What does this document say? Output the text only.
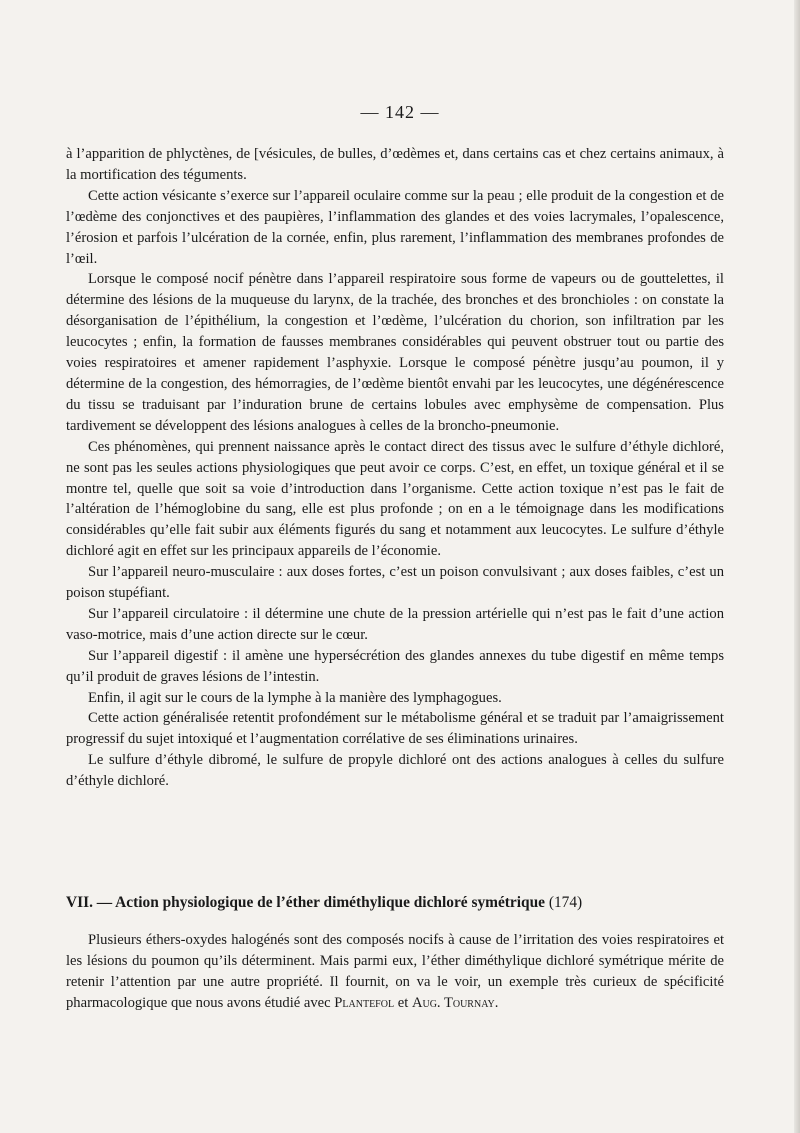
— 142 —

à l’apparition de phlyctènes, de [vésicules, de bulles, d’œdèmes et, dans certains cas et chez certains animaux, à la mortification des téguments.

Cette action vésicante s’exerce sur l’appareil oculaire comme sur la peau ; elle produit de la congestion et de l’œdème des conjonctives et des paupières, l’inflammation des glandes et des voies lacrymales, l’opalescence, l’érosion et parfois l’ulcération de la cornée, enfin, plus rarement, l’inflammation des membranes profondes de l’œil.

Lorsque le composé nocif pénètre dans l’appareil respiratoire sous forme de vapeurs ou de gouttelettes, il détermine des lésions de la muqueuse du larynx, de la trachée, des bronches et des bronchioles : on constate la désorganisation de l’épithélium, la congestion et l’œdème, l’ulcération du chorion, son infiltration par les leucocytes ; enfin, la formation de fausses membranes considérables qui peuvent obstruer tout ou partie des voies respiratoires et amener rapidement l’asphyxie. Lorsque le composé pénètre jusqu’au poumon, il y détermine de la congestion, des hémorragies, de l’œdème bientôt envahi par les leucocytes, une dégénérescence du tissu se traduisant par l’induration brune de certains lobules avec emphysème de compensation. Plus tardivement se développent des lésions analogues à celles de la broncho-pneumonie.

Ces phénomènes, qui prennent naissance après le contact direct des tissus avec le sulfure d’éthyle dichloré, ne sont pas les seules actions physiologiques que peut avoir ce corps. C’est, en effet, un toxique général et il se montre tel, quelle que soit sa voie d’introduction dans l’organisme. Cette action toxique n’est pas le fait de l’altération de l’hémoglobine du sang, elle est plus profonde ; on en a le témoignage dans les modifications considérables qu’elle fait subir aux éléments figurés du sang et notamment aux leucocytes. Le sulfure d’éthyle dichloré agit en effet sur les principaux appareils de l’économie.

Sur l’appareil neuro-musculaire : aux doses fortes, c’est un poison convulsivant ; aux doses faibles, c’est un poison stupéfiant.

Sur l’appareil circulatoire : il détermine une chute de la pression artérielle qui n’est pas le fait d’une action vaso-motrice, mais d’une action directe sur le cœur.

Sur l’appareil digestif : il amène une hypersécrétion des glandes annexes du tube digestif en même temps qu’il produit de graves lésions de l’intestin.

Enfin, il agit sur le cours de la lymphe à la manière des lymphagogues.

Cette action généralisée retentit profondément sur le métabolisme général et se traduit par l’amaigrissement progressif du sujet intoxiqué et l’augmentation corrélative de ses éliminations urinaires.

Le sulfure d’éthyle dibromé, le sulfure de propyle dichloré ont des actions analogues à celles du sulfure d’éthyle dichloré.

VII. — Action physiologique de l’éther diméthylique dichloré symétrique (174)

Plusieurs éthers-oxydes halogénés sont des composés nocifs à cause de l’irritation des voies respiratoires et les lésions du poumon qu’ils déterminent. Mais parmi eux, l’éther diméthylique dichloré symétrique mérite de retenir l’attention par une autre propriété. Il fournit, on va le voir, un exemple très curieux de spécificité pharmacologique que nous avons étudié avec Plantefol et Aug. Tournay.
